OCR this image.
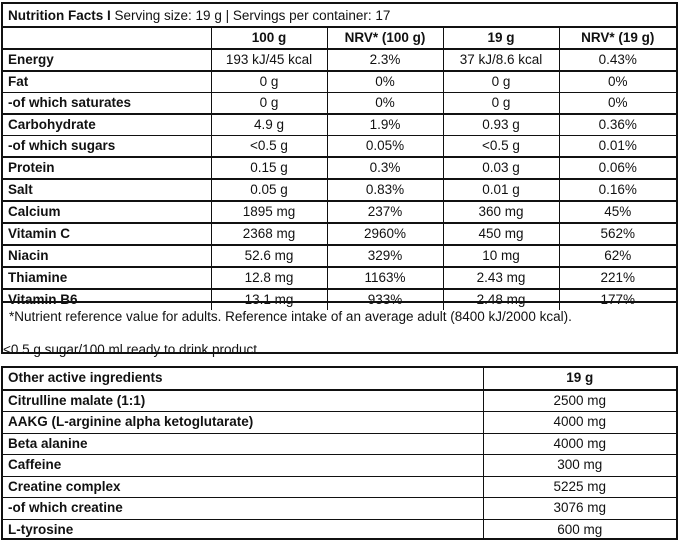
Nutrition Facts I Serving size: 19 g | Servings per container: 17
	100 g	NRV* (100 g)	19 g	NRV* (19 g)
Energy	193 kJ/45 kcal	2.3%	37 kJ/8.6 kcal	0.43%
Fat	0 g	0%	0 g	0%
-of which saturates	0 g	0%	0 g	0%
Carbohydrate	4.9 g	1.9%	0.93 g	0.36%
-of which sugars	<0.5 g	0.05%	<0.5 g	0.01%
Protein	0.15 g	0.3%	0.03 g	0.06%
Salt	0.05 g	0.83%	0.01 g	0.16%
Calcium	1895 mg	237%	360 mg	45%
Vitamin C	2368 mg	2960%	450 mg	562%
Niacin	52.6 mg	329%	10 mg	62%
Thiamine	12.8 mg	1163%	2.43 mg	221%
Vitamin B6	13.1 mg	933%	2.48 mg	177%
*Nutrient reference value for adults. Reference intake of an average adult (8400 kJ/2000 kcal).
<0.5 g sugar/100 ml ready to drink product.
Other active ingredients	19 g
Citrulline malate (1:1)	2500 mg
AAKG (L-arginine alpha ketoglutarate)	4000 mg
Beta alanine	4000 mg
Caffeine	300 mg
Creatine complex	5225 mg
-of which creatine	3076 mg
L-tyrosine	600 mg
